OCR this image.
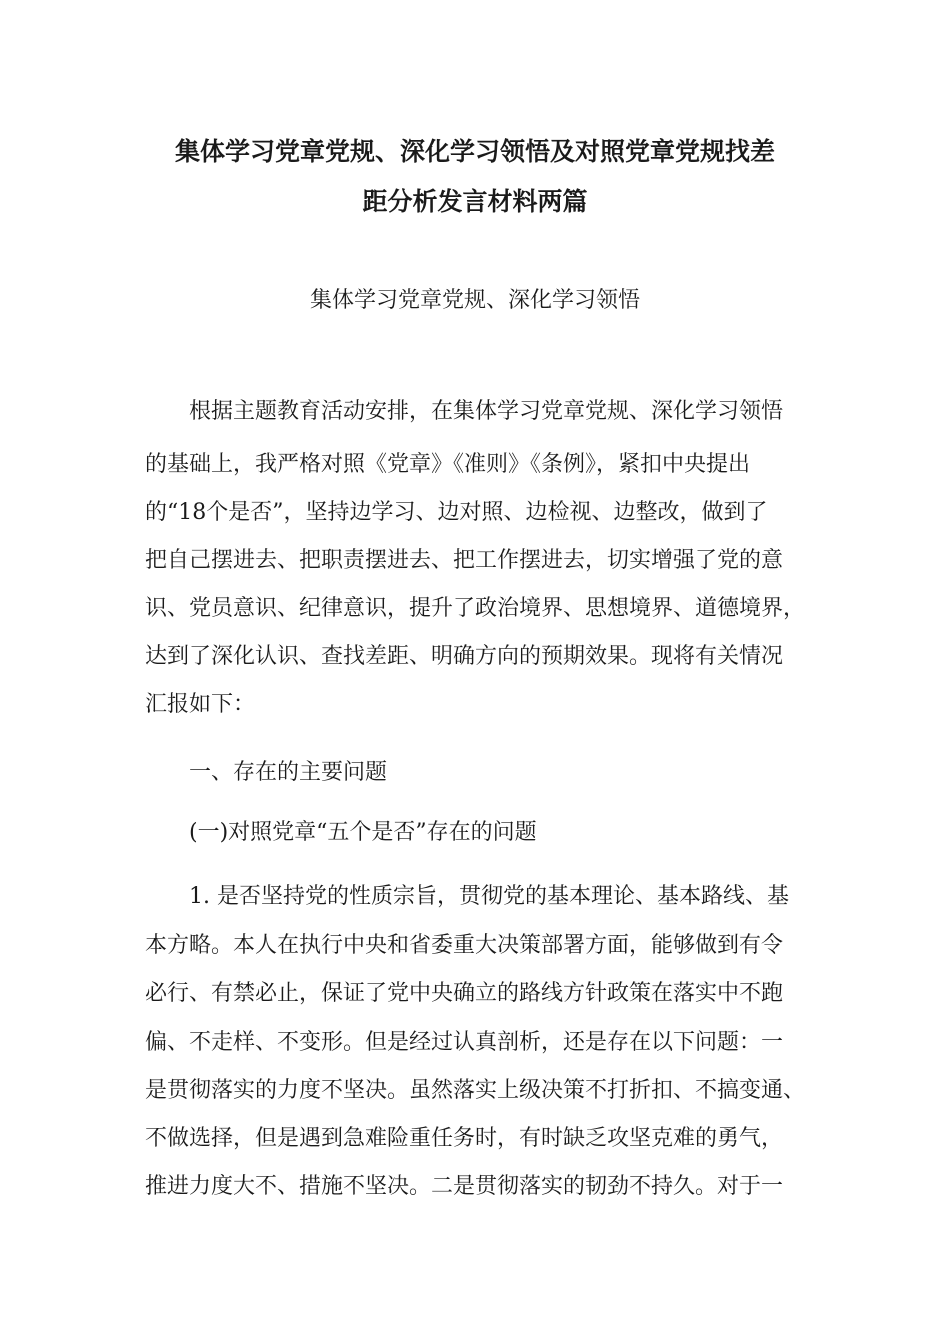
集体学习党章党规、深化学习领悟及对照党章党规找差
距分析发言材料两篇
集体学习党章党规、深化学习领悟
根据主题教育活动安排，在集体学习党章党规、深化学习领悟
的基础上，我严格对照《党章》《准则》《条例》，紧扣中央提出
的“18个是否”，坚持边学习、边对照、边检视、边整改，做到了
把自己摆进去、把职责摆进去、把工作摆进去，切实增强了党的意
识、党员意识、纪律意识，提升了政治境界、思想境界、道德境界，
达到了深化认识、查找差距、明确方向的预期效果。现将有关情况
汇报如下：
一、存在的主要问题
(一)对照党章“五个是否”存在的问题
1. 是否坚持党的性质宗旨，贯彻党的基本理论、基本路线、基
本方略。本人在执行中央和省委重大决策部署方面，能够做到有令
必行、有禁必止，保证了党中央确立的路线方针政策在落实中不跑
偏、不走样、不变形。但是经过认真剖析，还是存在以下问题：一
是贯彻落实的力度不坚决。虽然落实上级决策不打折扣、不搞变通、
不做选择，但是遇到急难险重任务时，有时缺乏攻坚克难的勇气，
推进力度大不、措施不坚决。二是贯彻落实的韧劲不持久。对于一
